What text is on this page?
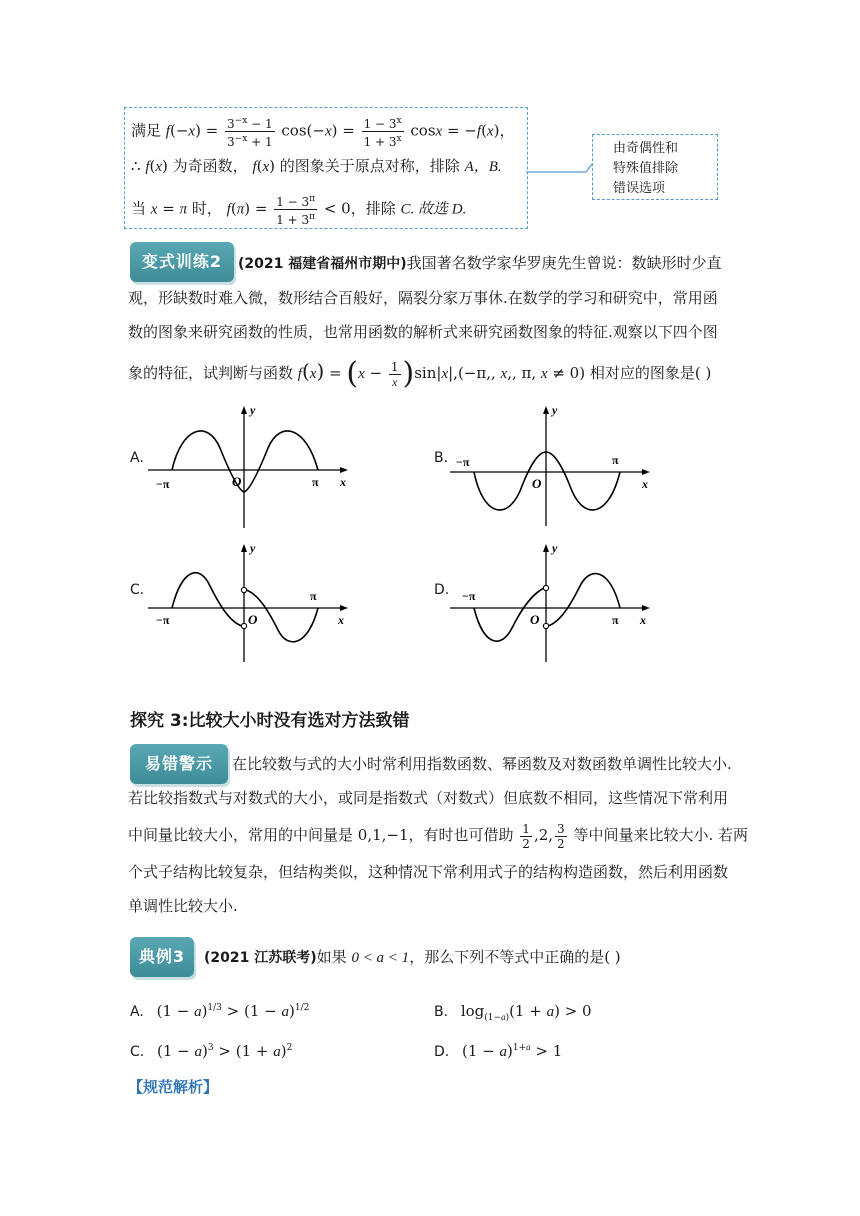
满足 $f(-x) = \frac{3^{-x} - 1}{3^{-x} + 1} \cos(-x) = \frac{1 - 3^x}{1 + 3^x}$ cosx = −f(x)，
∴ f(x) 为奇函数， f(x) 的图象关于原点对称，排除 A，B.
当 x = π 时， $f(\pi) = \frac{1 - 3^\pi}{1 + 3^\pi} < 0$，排除 C. 故选 D.
由奇偶性和
特殊值排除
错误选项
变式训练2	(2021 福建省福州市期中)我国著名数学家华罗庚先生曾说：数缺形时少直

观，形缺数时难入微，数形结合百般好，隔裂分家万事休.在数学的学习和研究中，常用函

数的图象来研究函数的性质，也常用函数的解析式来研究函数图象的特征.观察以下四个图

象的特征，试判断与函数 $f(x) = (x - \frac{1}{x} )\sin|x|,(-\pi$,, x,, π, x ≠ 0) 相对应的图象是( )

A.
y
x
O
−π	π
B.
y
x
O
−π	π
C.
y
x
O
−π
π	D.
y
x
O
−π
π
探究 3:比较大小时没有选对方法致错
易错警示	在比较数与式的大小时常利用指数函数、幂函数及对数函数单调性比较大小.

若比较指数式与对数式的大小，或同是指数式（对数式）但底数不相同，这些情况下常利用

中间量比较大小，常用的中间量是 0,1,−1，有时也可借助 $\frac{1}{2} ,2$, $\frac{3}{2}$ 等中间量来比较大小. 若两

个式子结构比较复杂，但结构类似，这种情况下常利用式子的结构构造函数，然后利用函数

单调性比较大小.

典例3	(2021 江苏联考)如果 0 < a < 1，那么下列不等式中正确的是( )
A. $(1 - a)^{1/3} > (1 - a)^{1/2}$	B. $\log_{(1-a)}(1 + a) > 0$
C. $(1 - a)^3 > (1 + a)^2$	D. $(1 - a)^{1+a} > 1$
【规范解析】
